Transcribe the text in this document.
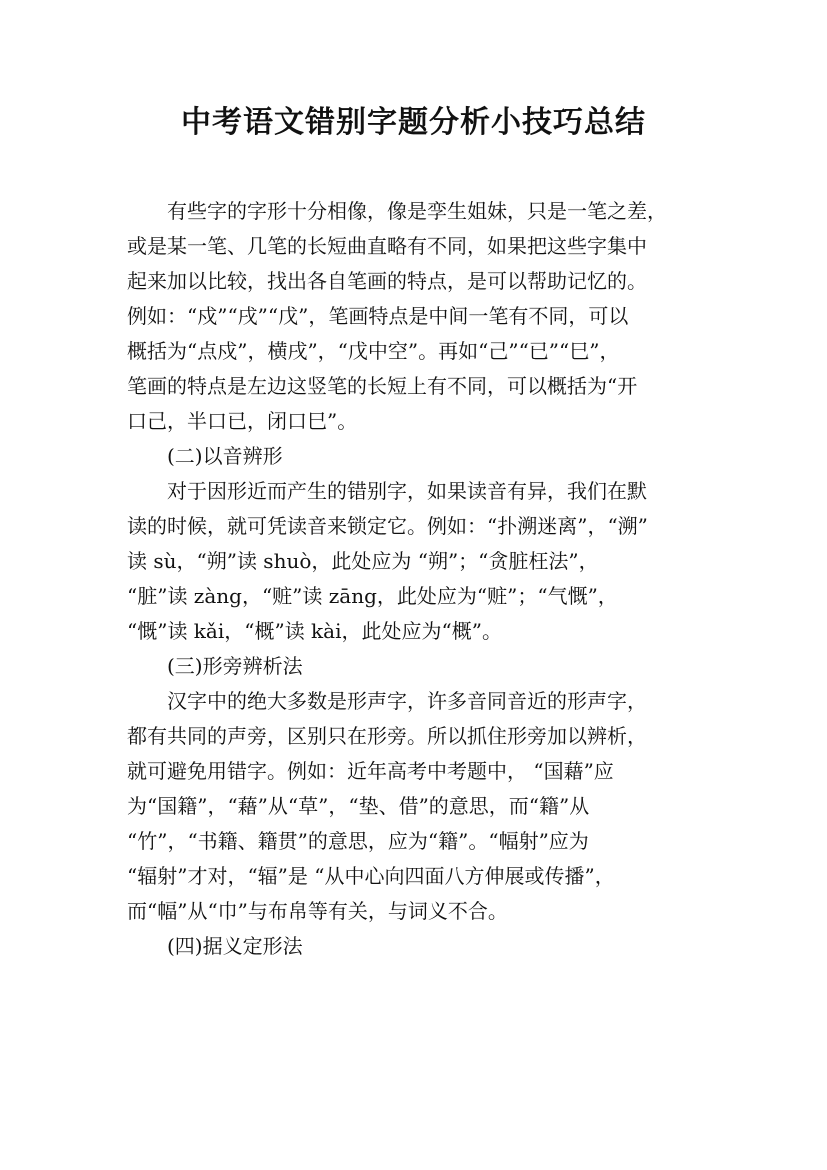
中考语文错别字题分析小技巧总结
有些字的字形十分相像，像是孪生姐妹，只是一笔之差，
或是某一笔、几笔的长短曲直略有不同，如果把这些字集中
起来加以比较，找出各自笔画的特点，是可以帮助记忆的。
例如：“戍”“戌”“戊”，笔画特点是中间一笔有不同，可以
概括为“点戍”，横戌”，“戊中空”。再如“己”“已”“巳”，
笔画的特点是左边这竖笔的长短上有不同，可以概括为“开
口己，半口已，闭口巳”。
(二)以音辨形
对于因形近而产生的错别字，如果读音有异，我们在默
读的时候，就可凭读音来锁定它。例如：“扑溯迷离”，“溯”
读 sù，“朔”读 shuò，此处应为 “朔”；“贪脏枉法”，
“脏”读 zàng，“赃”读 zāng，此处应为“赃”；“气慨”，
“慨”读 kǎi，“概”读 kài，此处应为“概”。
(三)形旁辨析法
汉字中的绝大多数是形声字，许多音同音近的形声字，
都有共同的声旁，区别只在形旁。所以抓住形旁加以辨析，
就可避免用错字。例如：近年高考中考题中， “国藉”应
为“国籍”，“藉”从“草”，“垫、借”的意思，而“籍”从
“竹”，“书籍、籍贯”的意思，应为“籍”。“幅射”应为
“辐射”才对，“辐”是 “从中心向四面八方伸展或传播”，
而“幅”从“巾”与布帛等有关，与词义不合。
(四)据义定形法
